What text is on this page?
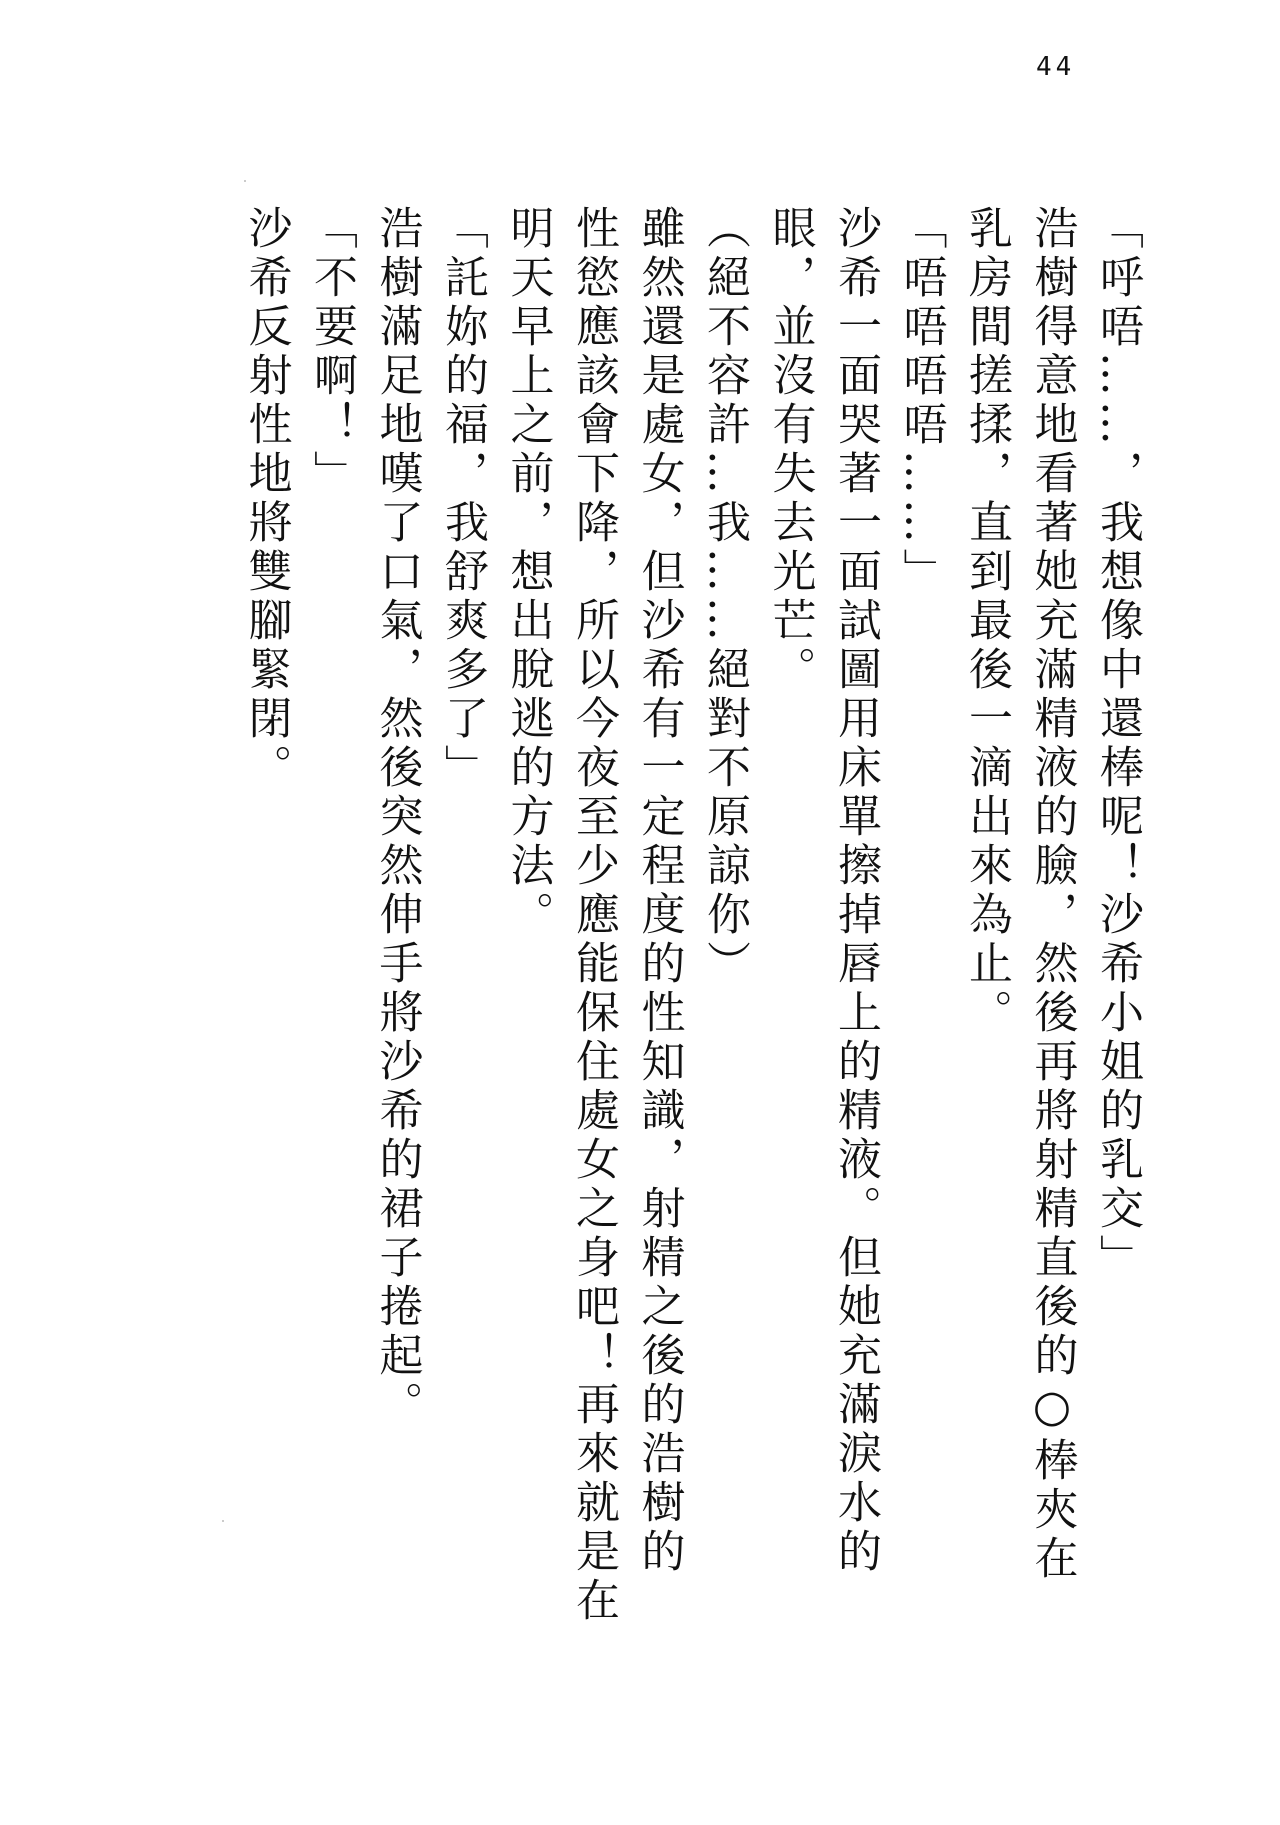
44
「呼唔……，我想像中還棒呢！沙希小姐的乳交」
浩樹得意地看著她充滿精液的臉，然後再將射精直後的○棒夾在
乳房間搓揉，直到最後一滴出來為止。
「唔唔唔唔……」
沙希一面哭著一面試圖用床單擦掉唇上的精液。但她充滿淚水的
眼，並沒有失去光芒。
（絕不容許…我……絕對不原諒你）
雖然還是處女，但沙希有一定程度的性知識，射精之後的浩樹的
性慾應該會下降，所以今夜至少應能保住處女之身吧！再來就是在
明天早上之前，想出脫逃的方法。
「託妳的福，我舒爽多了」
浩樹滿足地嘆了口氣，然後突然伸手將沙希的裙子捲起。
「不要啊！」
沙希反射性地將雙腳緊閉。
